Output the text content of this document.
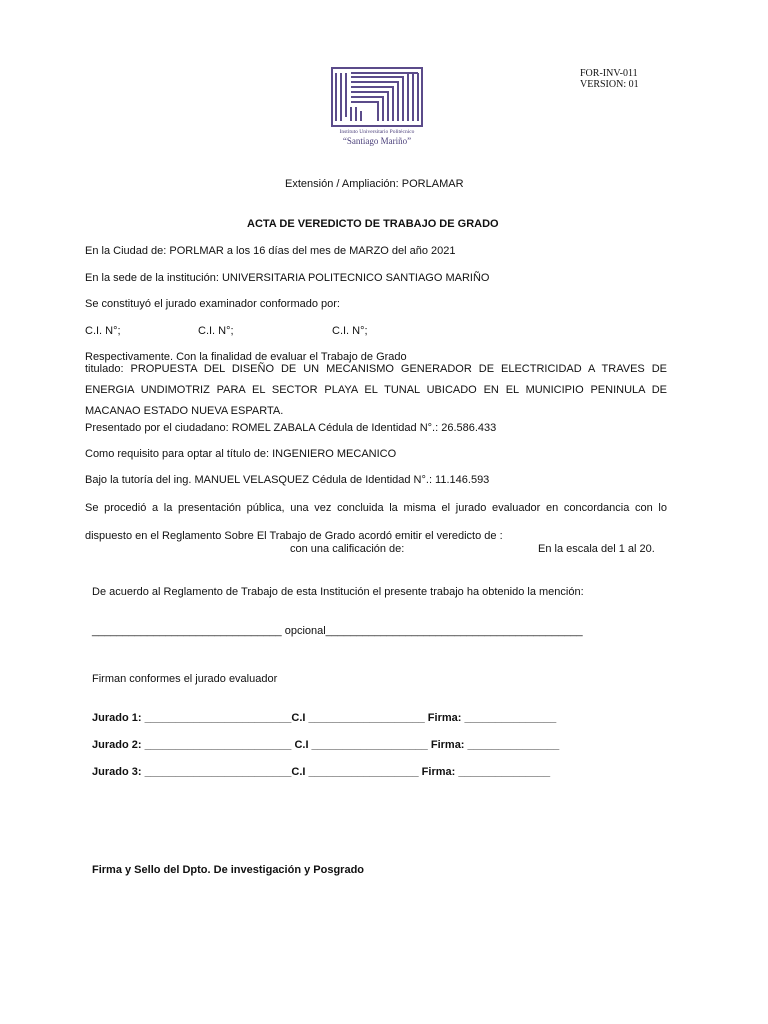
Instituto Universitario Politécnico
“Santiago Mariño”
FOR-INV-011
VERSION: 01
Extensión / Ampliación: PORLAMAR
ACTA DE VEREDICTO DE TRABAJO DE GRADO
En la Ciudad de: PORLMAR a los 16 días del mes de MARZO del año 2021
En la sede de la institución: UNIVERSITARIA POLITECNICO SANTIAGO MARIÑO
Se constituyó el jurado examinador conformado por:
C.I. N°;	C.I. N°;	C.I. N°;
Respectivamente. Con la finalidad de evaluar el Trabajo de Grado
titulado: PROPUESTA DEL DISEÑO DE UN MECANISMO GENERADOR DE ELECTRICIDAD A TRAVES DE
ENERGIA UNDIMOTRIZ PARA EL SECTOR PLAYA EL TUNAL UBICADO EN EL MUNICIPIO PENINULA DE
MACANAO ESTADO NUEVA ESPARTA.
Presentado por el ciudadano: ROMEL ZABALA Cédula de Identidad N°.: 26.586.433
Como requisito para optar al título de: INGENIERO MECANICO
Bajo la tutoría del ing. MANUEL VELASQUEZ Cédula de Identidad N°.: 11.146.593
Se procedió a la presentación pública, una vez concluida la misma el jurado evaluador en concordancia con lo
dispuesto en el Reglamento Sobre El Trabajo de Grado acordó emitir el veredicto de :
con una calificación de:	En la escala del 1 al 20.
De acuerdo al Reglamento de Trabajo de esta Institución el presente trabajo ha obtenido la mención:
_______________________________ opcional__________________________________________
Firman conformes el jurado evaluador
Jurado 1: ________________________C.I ___________________ Firma: _______________
Jurado 2: ________________________ C.I ___________________ Firma: _______________
Jurado 3: ________________________C.I __________________ Firma: _______________
Firma y Sello del Dpto. De investigación y Posgrado
